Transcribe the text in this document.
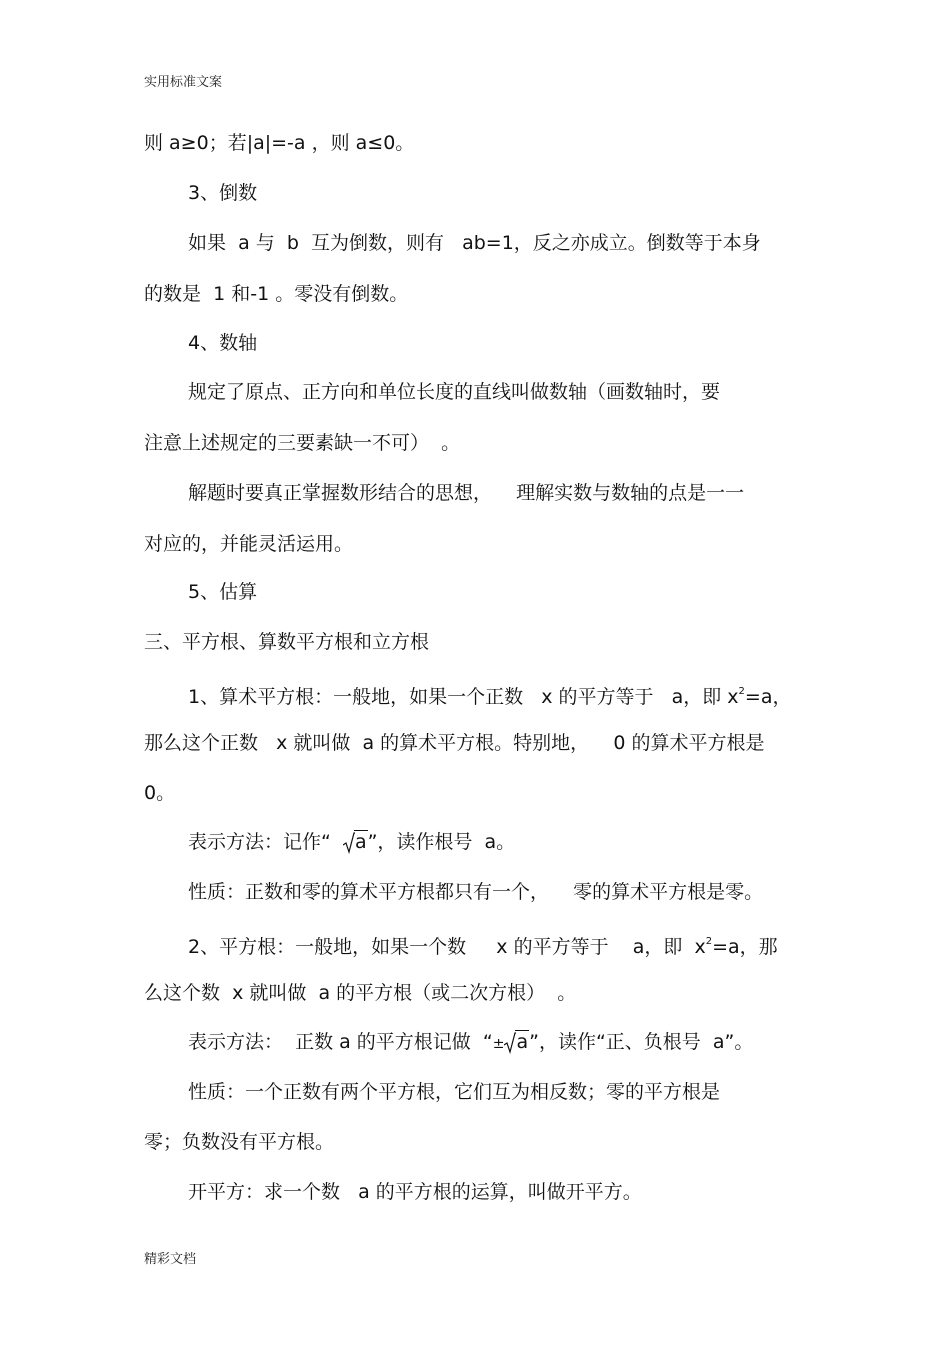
实用标准文案
则 a≥0；若|a|=-a ，则 a≤0。
3、倒数
如果  a 与  b  互为倒数，则有   ab=1，反之亦成立。倒数等于本身
的数是  1 和-1 。零没有倒数。
4、数轴
规定了原点、正方向和单位长度的直线叫做数轴（画数轴时，要
注意上述规定的三要素缺一不可）  。
解题时要真正掌握数形结合的思想，    理解实数与数轴的点是一一
对应的，并能灵活运用。
5、估算
三、平方根、算数平方根和立方根
1、算术平方根：一般地，如果一个正数   x 的平方等于   a，即 $x^2=a$，
那么这个正数   x 就叫做  a 的算术平方根。特别地，    0 的算术平方根是
0。
表示方法：记作“
a”，读作根号  a。
性质：正数和零的算术平方根都只有一个，    零的算术平方根是零。
2、平方根：一般地，如果一个数     x 的平方等于    a，即  $x^2=a$，那
么这个数  x 就叫做  a 的平方根（或二次方根）  。
表示方法：  正数 a 的平方根记做  “± a”，读作“正、负根号  a”。
性质：一个正数有两个平方根，它们互为相反数；零的平方根是
零；负数没有平方根。
开平方：求一个数   a 的平方根的运算，叫做开平方。
精彩文档
